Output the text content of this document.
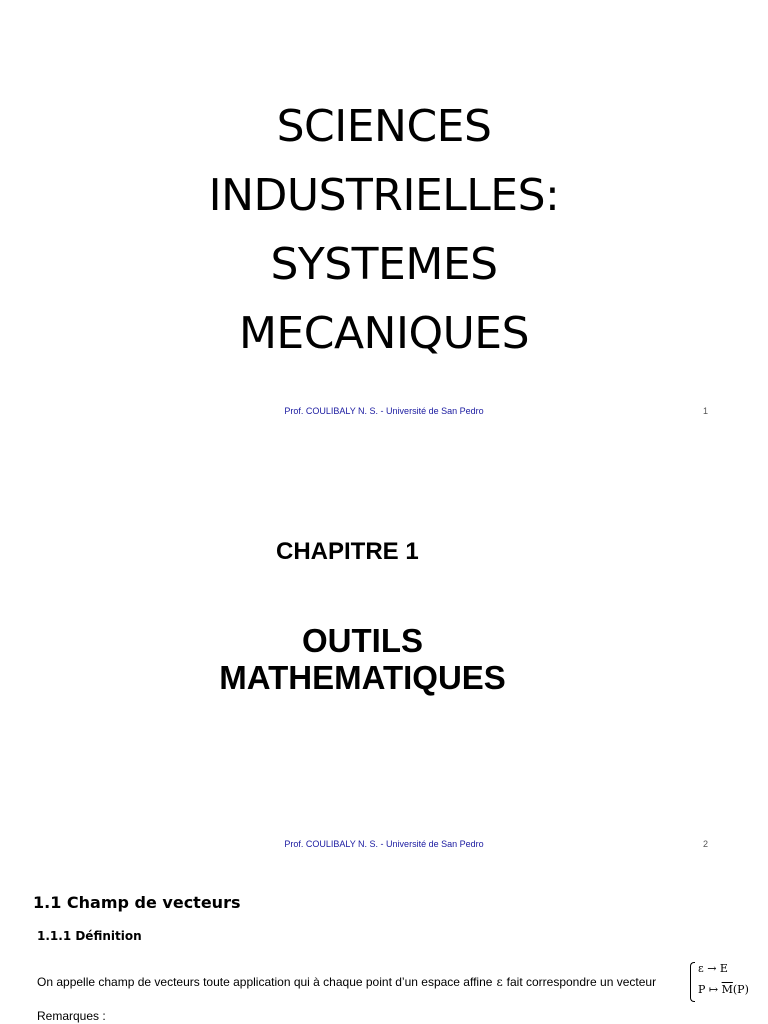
SCIENCES
INDUSTRIELLES:
SYSTEMES
MECANIQUES
Prof. COULIBALY N. S. - Université de San Pedro	1
CHAPITRE 1
OUTILS
MATHEMATIQUES
Prof. COULIBALY N. S. - Université de San Pedro	2
1.1 Champ de vecteurs
1.1.1 Définition
On appelle champ de vecteurs toute application qui à chaque point d’un espace affine ε fait correspondre un vecteur
ε → E
P ↦ $\overline{M}(P)$
Remarques :
